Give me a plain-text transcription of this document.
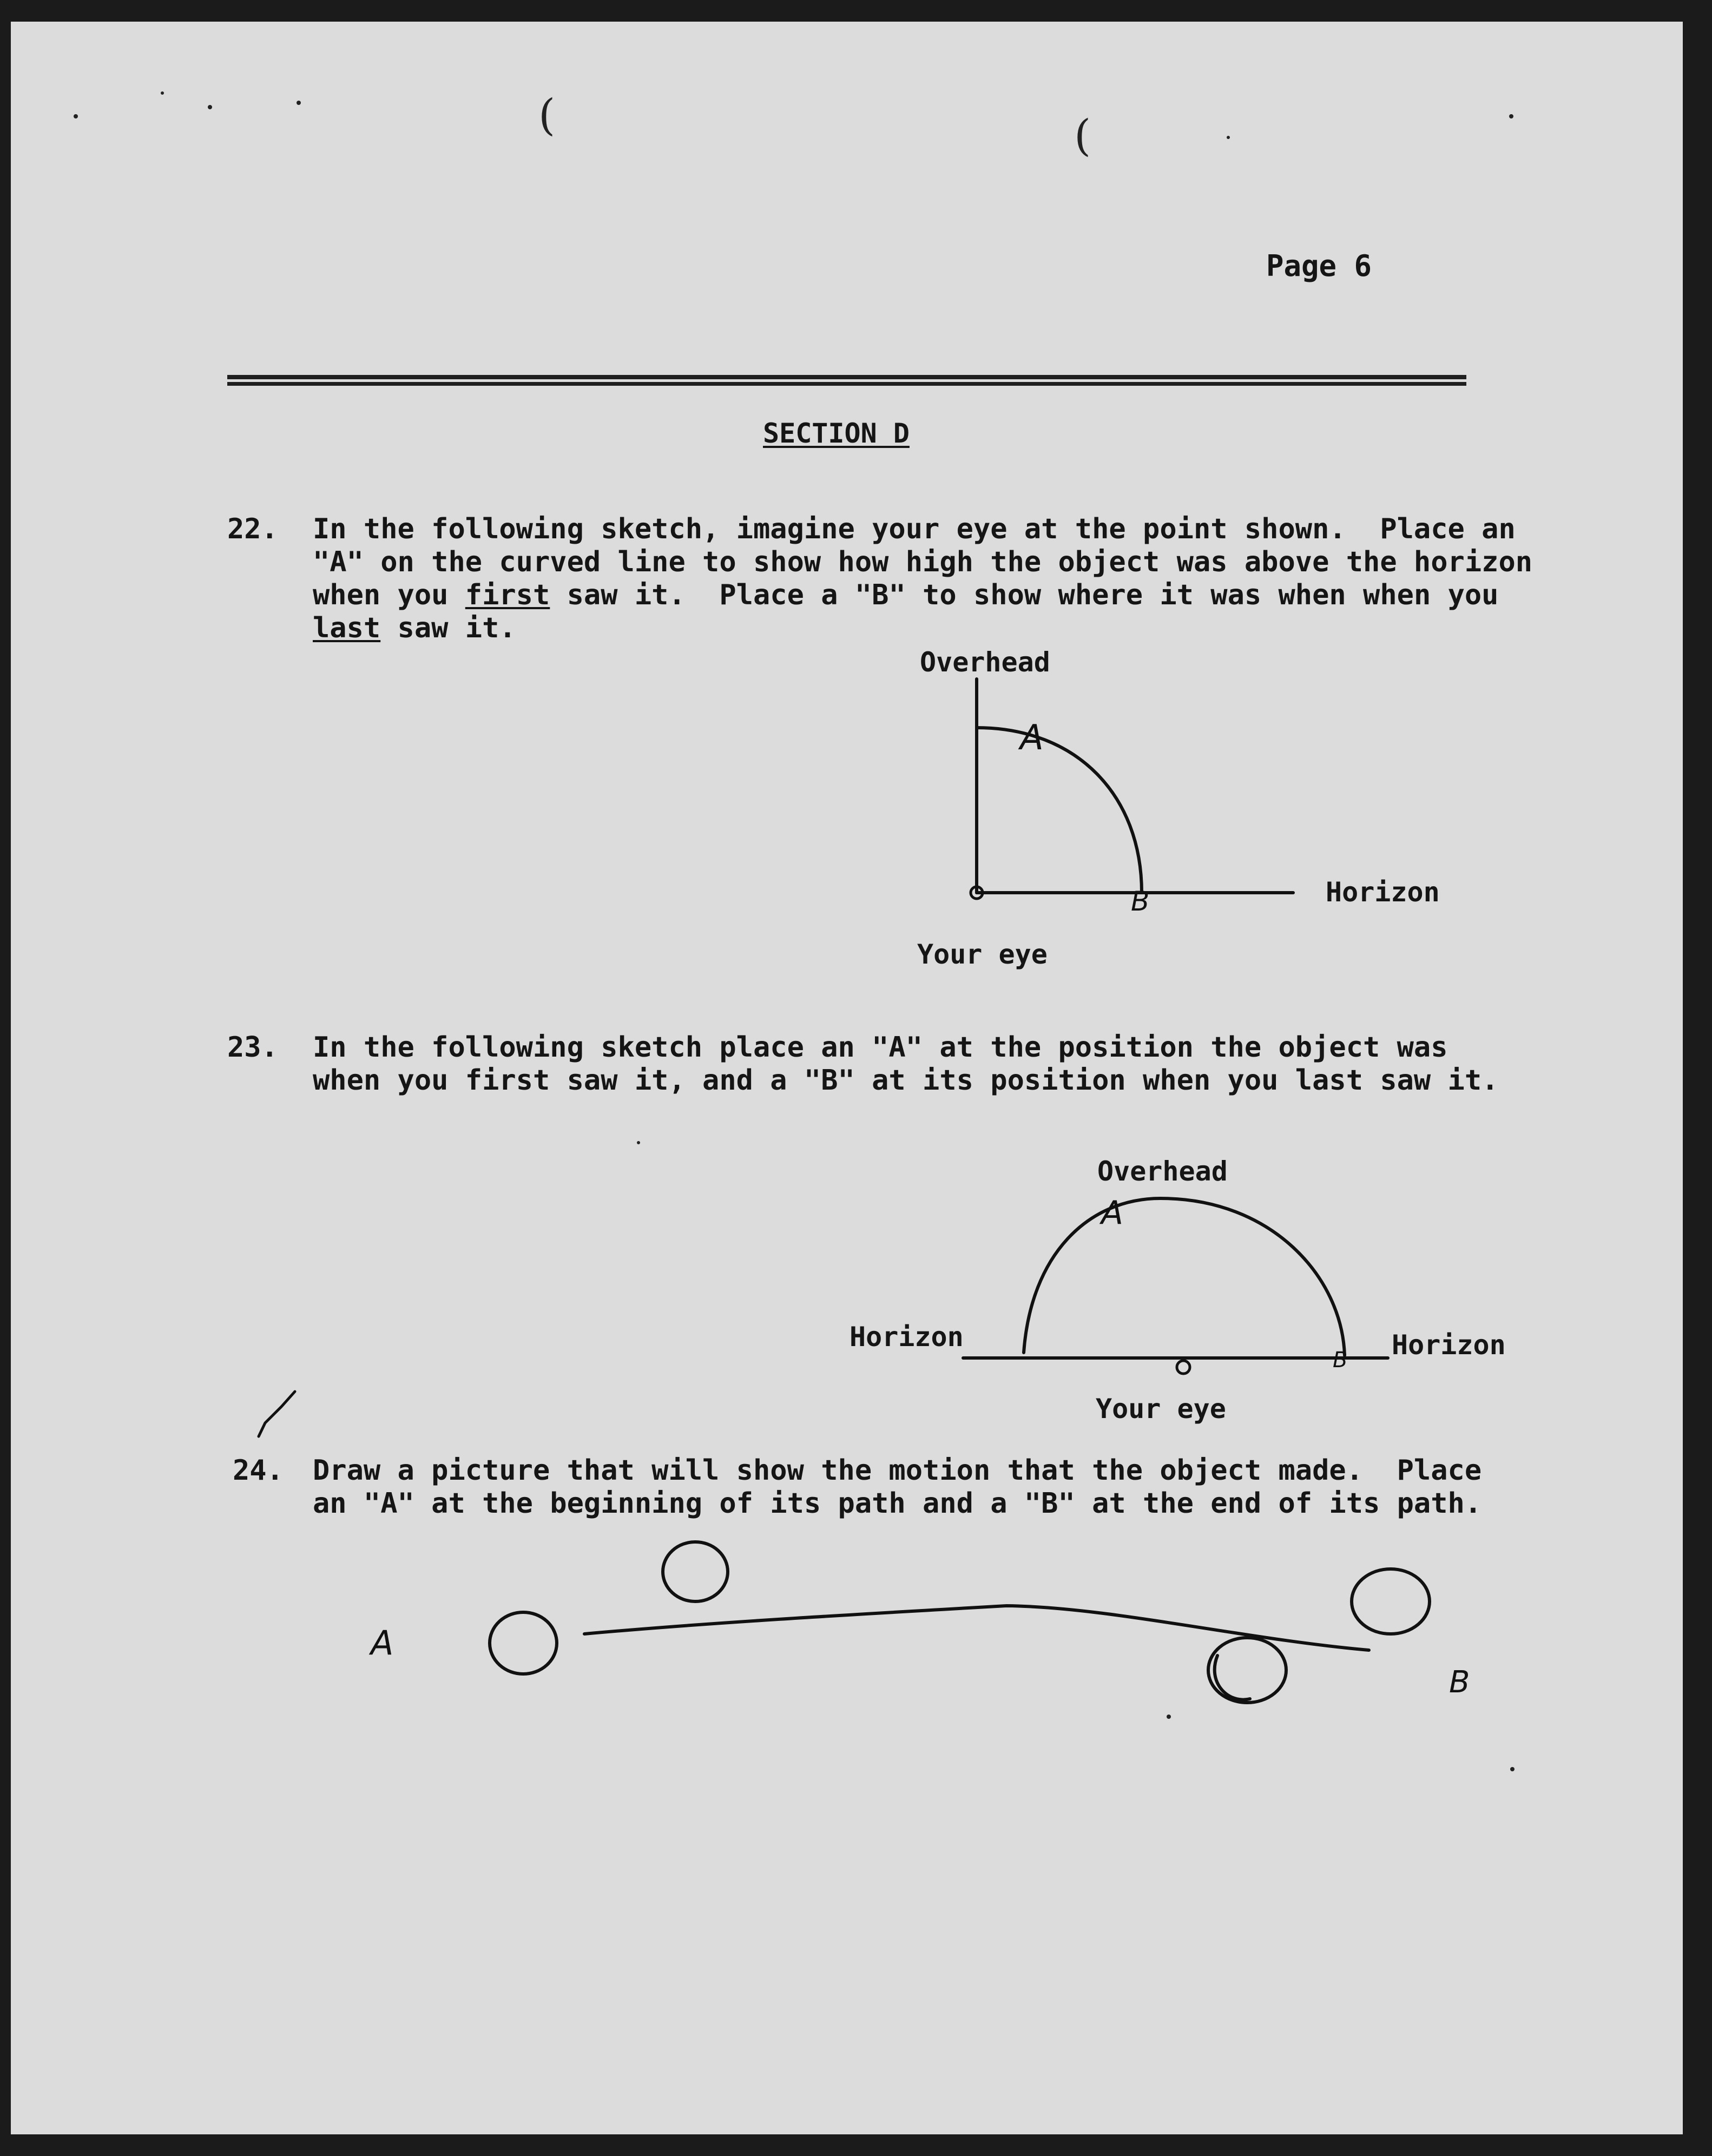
Page 6
SECTION D
22. In the following sketch, imagine your eye at the point shown.  Place an
"A" on the curved line to show how high the object was above the horizon
when you first saw it.  Place a "B" to show where it was when when you
last saw it.
Overhead
Horizon
Your eye
23. In the following sketch place an "A" at the position the object was
when you first saw it, and a "B" at its position when you last saw it.
Overhead
Horizon	Horizon
Your eye
24. Draw a picture that will show the motion that the object made.  Place
an "A" at the beginning of its path and a "B" at the end of its path.
A
B
A
B
A
B
(	(
